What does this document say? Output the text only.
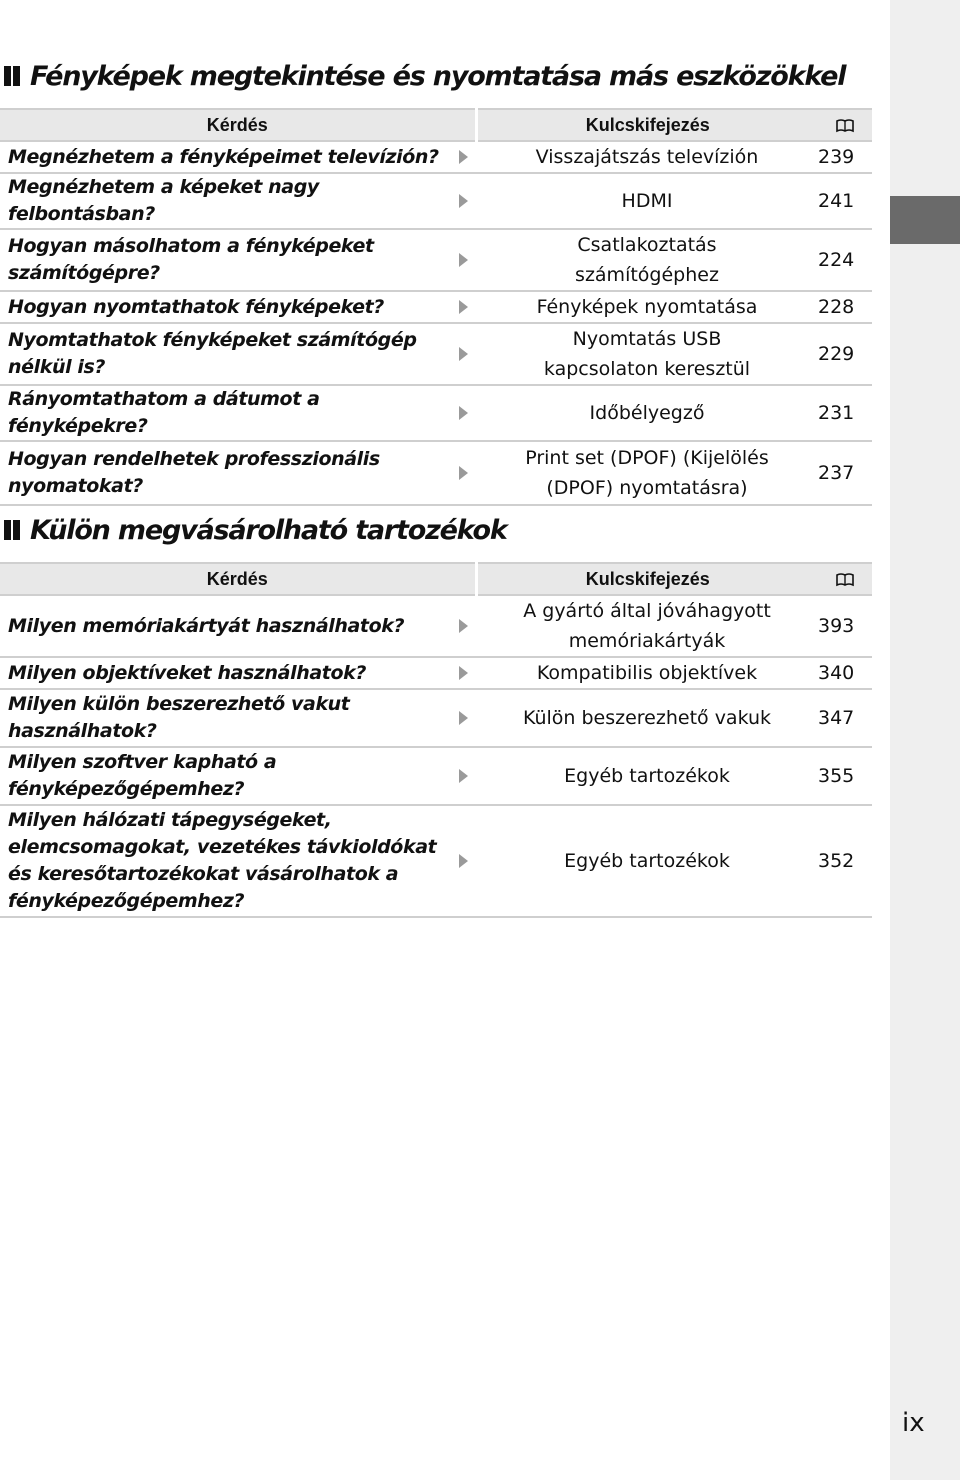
Fényképek megtekintése és nyomtatása más eszközökkel
Kérdés	Kulcskifejezés	
Megnézhetem a fényképeimet televízión?	Visszajátszás televízión	239
Megnézhetem a képeket nagy felbontásban?	HDMI	241
Hogyan másolhatom a fényképeket számítógépre?	Csatlakoztatás számítógéphez	224
Hogyan nyomtathatok fényképeket?	Fényképek nyomtatása	228
Nyomtathatok fényképeket számítógép nélkül is?	Nyomtatás USB kapcsolaton keresztül	229
Rányomtathatom a dátumot a fényképekre?	Időbélyegző	231
Hogyan rendelhetek professzionális nyomatokat?	Print set (DPOF) (Kijelölés (DPOF) nyomtatásra)	237
Külön megvásárolható tartozékok
Kérdés	Kulcskifejezés	
Milyen memóriakártyát használhatok?	A gyártó által jóváhagyott memóriakártyák	393
Milyen objektíveket használhatok?	Kompatibilis objektívek	340
Milyen külön beszerezhető vakut használhatok?	Külön beszerezhető vakuk	347
Milyen szoftver kapható a fényképezőgépemhez?	Egyéb tartozékok	355
Milyen hálózati tápegységeket, elemcsomagokat, vezetékes távkioldókat és keresőtartozékokat vásárolhatok a fényképezőgépemhez?	Egyéb tartozékok	352
ix
